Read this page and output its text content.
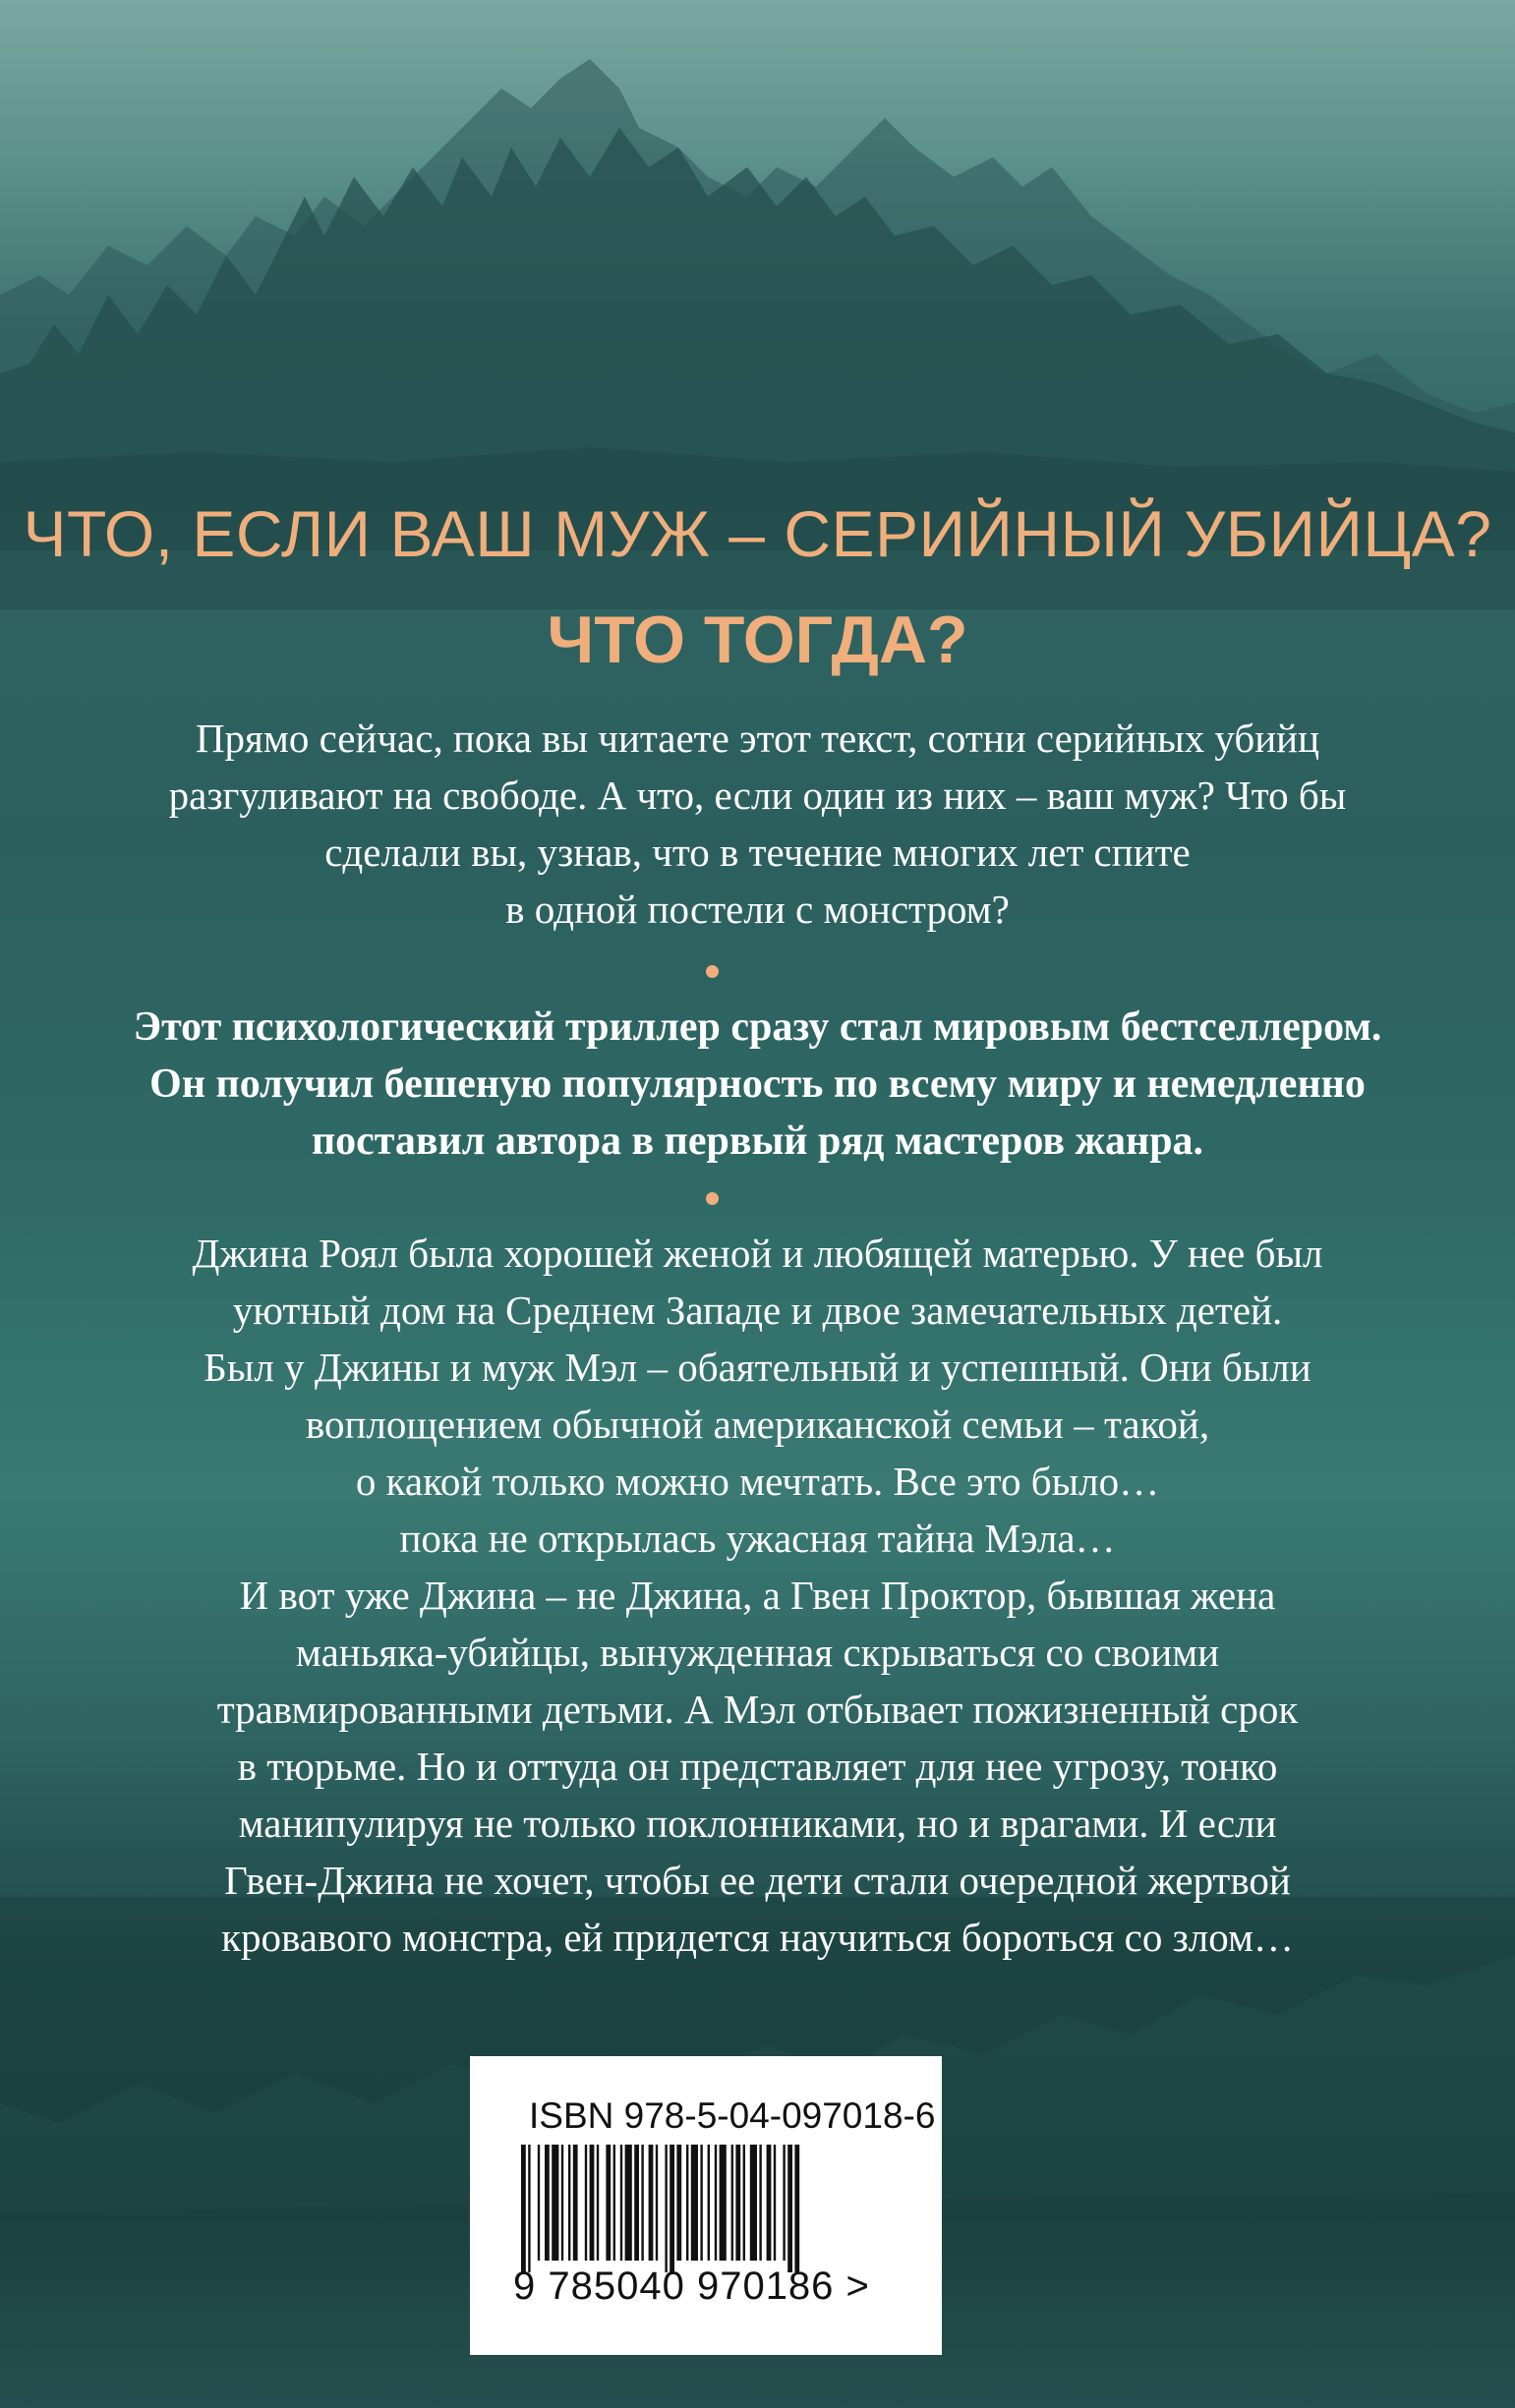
ЧТО, ЕСЛИ ВАШ МУЖ – СЕРИЙНЫЙ УБИЙЦА?

ЧТО ТОГДА?

Прямо сейчас, пока вы читаете этот текст, сотни серийных убийц
разгуливают на свободе. А что, если один из них – ваш муж? Что бы
сделали вы, узнав, что в течение многих лет спите
в одной постели с монстром?
Этот психологический триллер сразу стал мировым бестселлером.
Он получил бешеную популярность по всему миру и немедленно
поставил автора в первый ряд мастеров жанра.
Джина Роял была хорошей женой и любящей матерью. У нее был
уютный дом на Среднем Западе и двое замечательных детей.
Был у Джины и муж Мэл – обаятельный и успешный. Они были
воплощением обычной американской семьи – такой,
о какой только можно мечтать. Все это было…
пока не открылась ужасная тайна Мэла…
И вот уже Джина – не Джина, а Гвен Проктор, бывшая жена
маньяка-убийцы, вынужденная скрываться со своими
травмированными детьми. А Мэл отбывает пожизненный срок
в тюрьме. Но и оттуда он представляет для нее угрозу, тонко
манипулируя не только поклонниками, но и врагами. И если
Гвен-Джина не хочет, чтобы ее дети стали очередной жертвой
кровавого монстра, ей придется научиться бороться со злом…

ISBN 978-5-04-097018-6

9 785040 970186 >
